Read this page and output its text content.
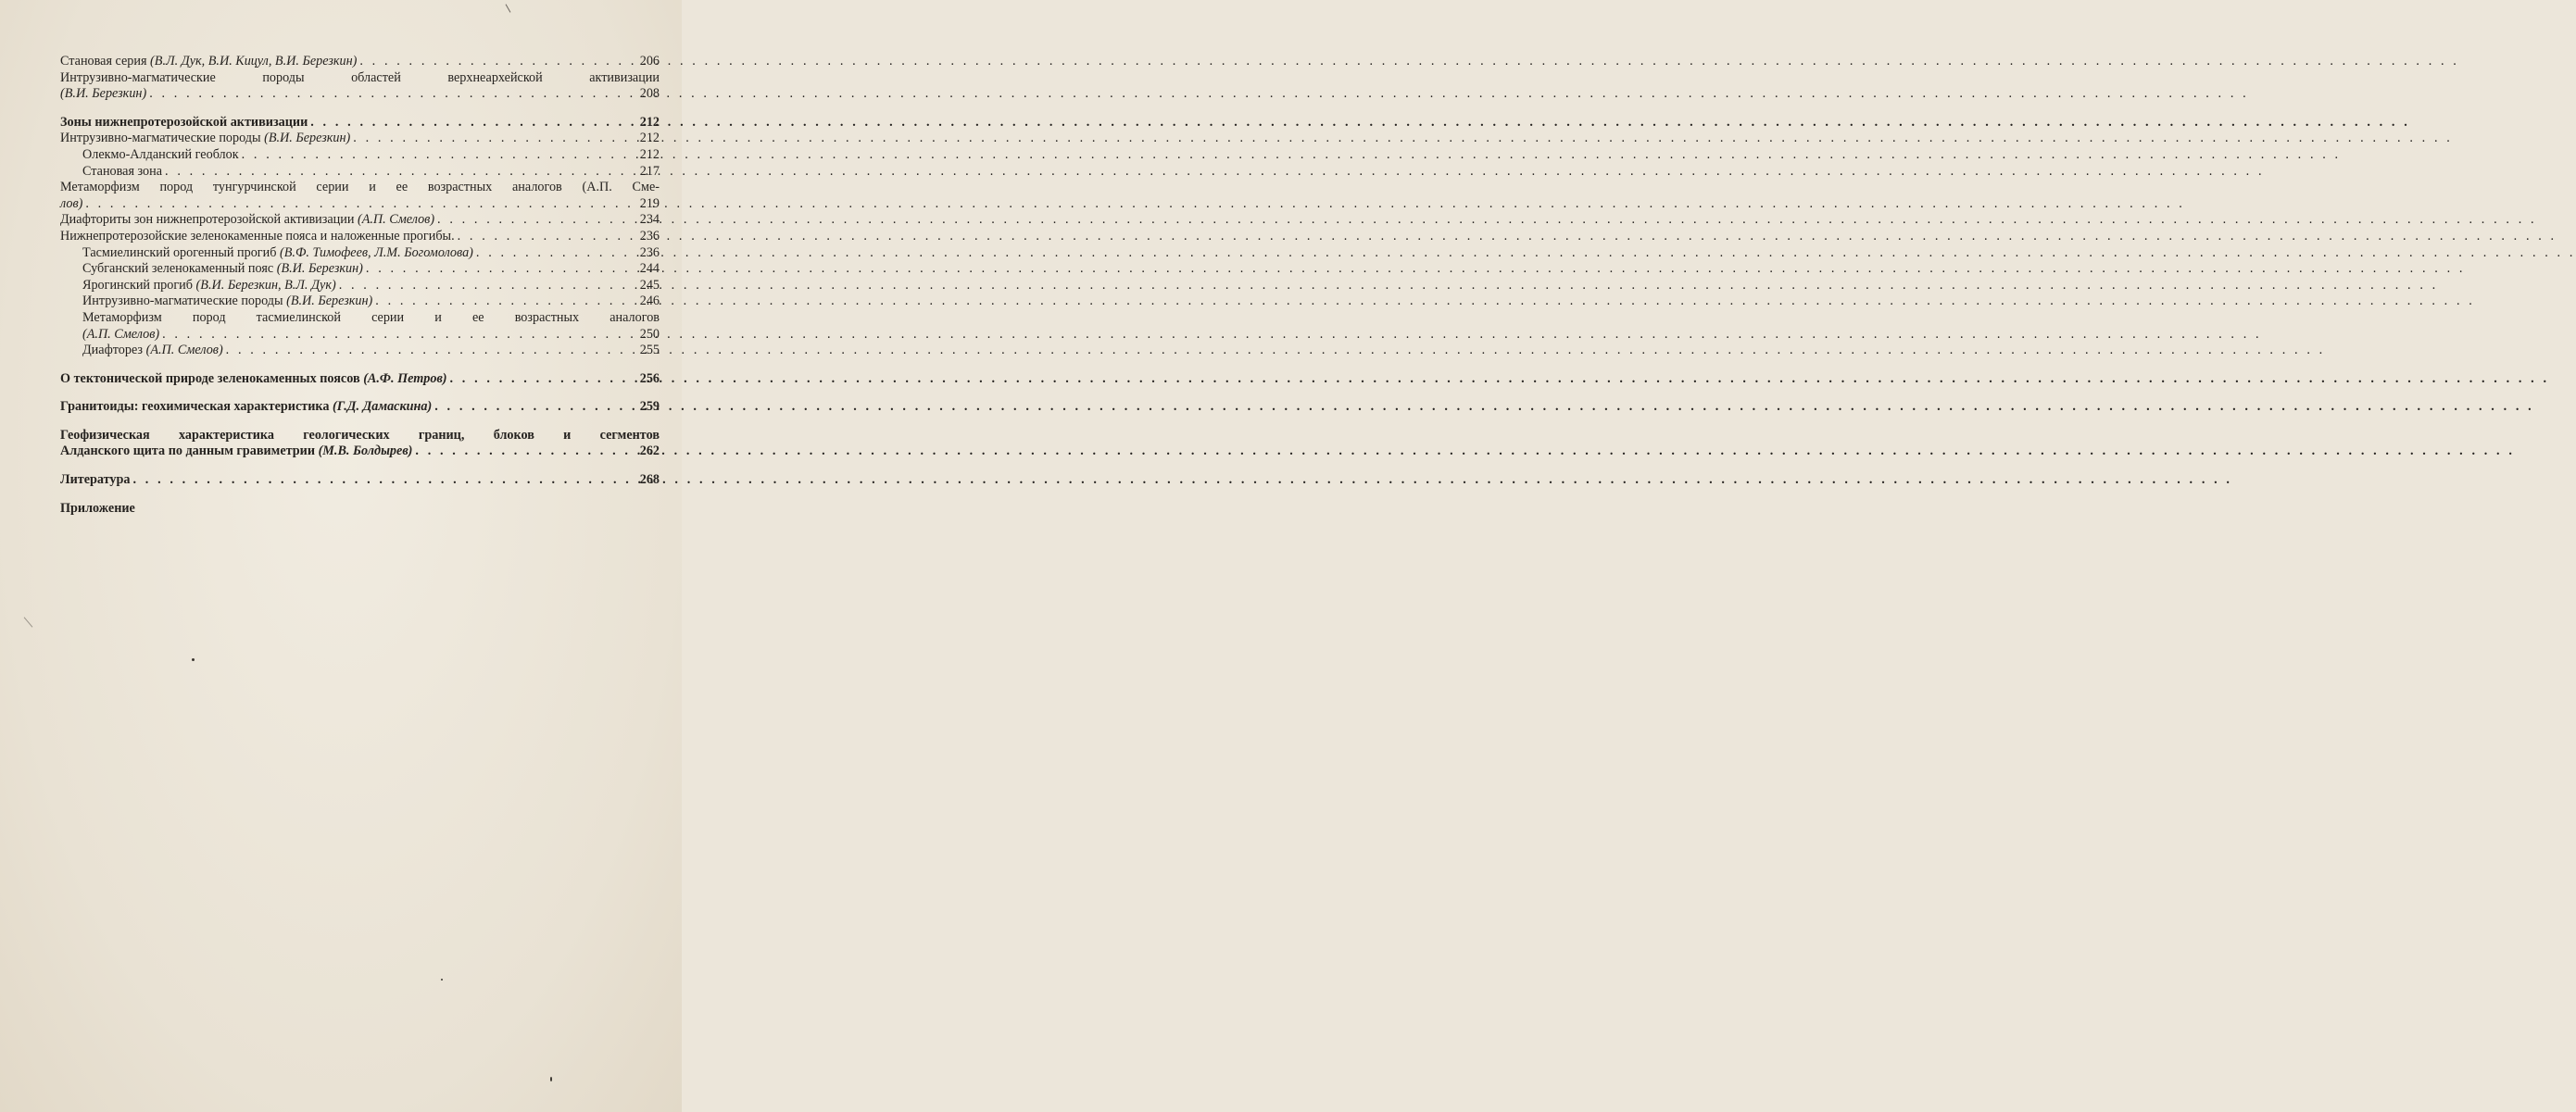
Становая серия (В.Л. Дук, В.И. Кицул, В.И. Березкин) . . .	206
Интрузивно-магматические породы областей верхнеархейской активизации
(В.И. Березкин) . . .	208
Зоны нижнепротерозойской активизации . . .	212
Интрузивно-магматические породы (В.И. Березкин) . . .	212
Олекмо-Алданский геоблок . . .	212
Становая зона . . .	217
Метаморфизм пород тунгурчинской серии и ее возрастных аналогов (А.П. Сме-
лов) . . .	219
Диафториты зон нижнепротерозойской активизации (А.П. Смелов) . . .	234
Нижнепротерозойские зеленокаменные пояса и наложенные прогибы. . . .	236
Тасмиелинский орогенный прогиб (В.Ф. Тимофеев, Л.М. Богомолова) . . .	236
Субганский зеленокаменный пояс (В.И. Березкин) . . .	244
Ярогинский прогиб (В.И. Березкин, В.Л. Дук) . . .	245
Интрузивно-магматические породы (В.И. Березкин) . . .	246
Метаморфизм пород тасмиелинской серии и ее возрастных аналогов
(А.П. Смелов) . . .	250
Диафторез (А.П. Смелов) . . .	255
О тектонической природе зеленокаменных поясов (А.Ф. Петров) . . .	256
Гранитоиды: геохимическая характеристика (Г.Д. Дамаскина) . . .	259
Геофизическая характеристика геологических границ, блоков и сегментов
Алданского щита по данным гравиметрии (М.В. Болдырев) . . .	262
Литература . . .	268
Приложение
